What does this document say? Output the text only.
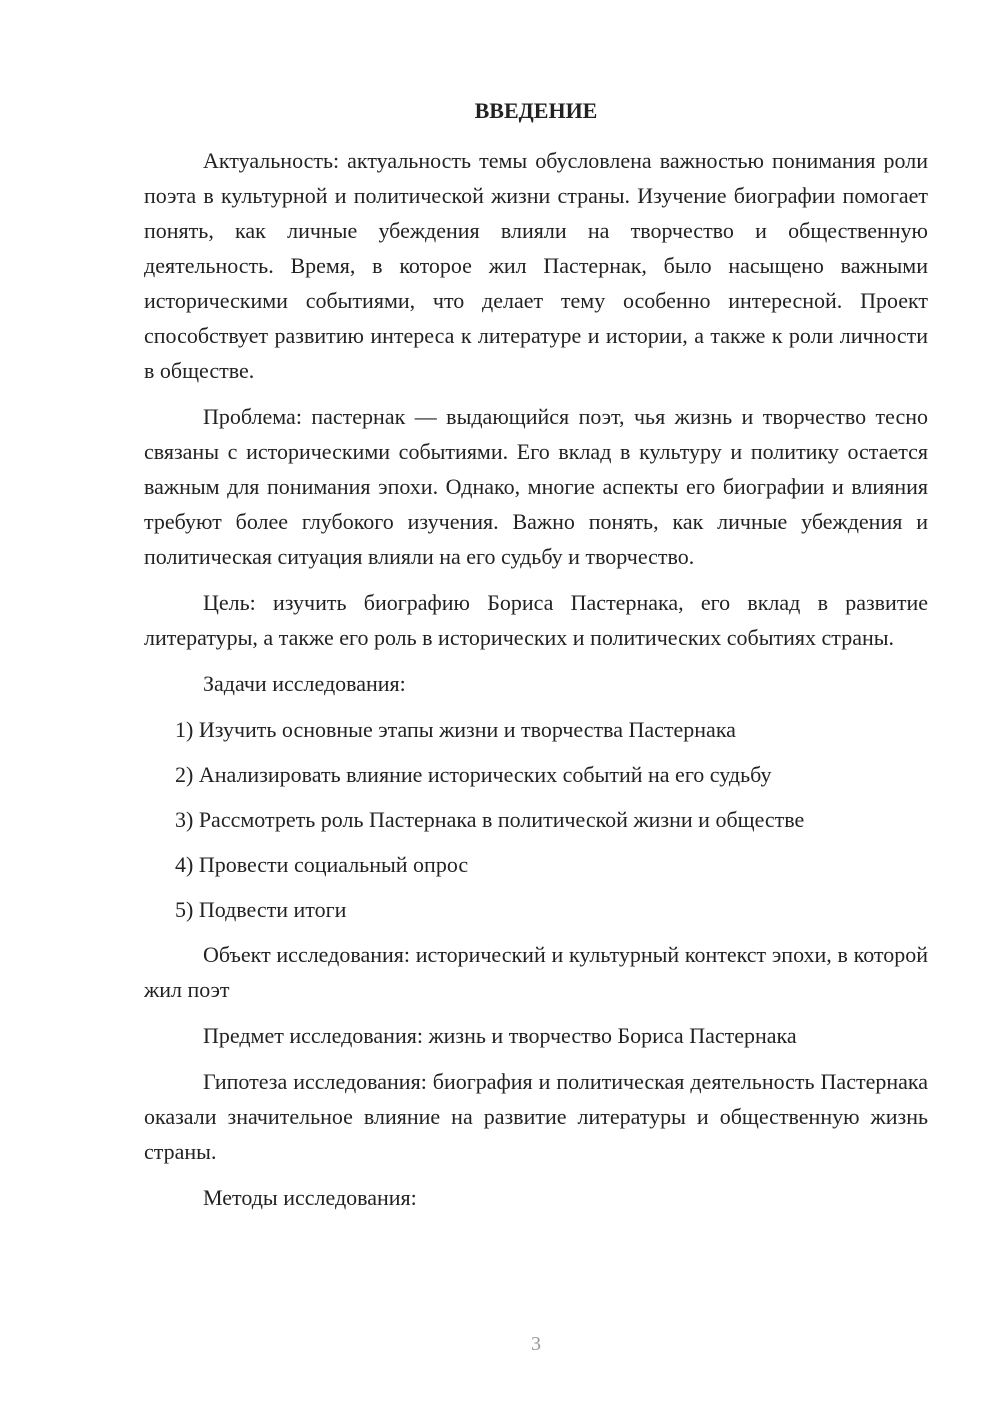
ВВЕДЕНИЕ

Актуальность: актуальность темы обусловлена важностью понимания роли поэта в культурной и политической жизни страны. Изучение биографии помогает понять, как личные убеждения влияли на творчество и общественную деятельность. Время, в которое жил Пастернак, было насыщено важными историческими событиями, что делает тему особенно интересной. Проект способствует развитию интереса к литературе и истории, а также к роли личности в обществе.

Проблема: пастернак — выдающийся поэт, чья жизнь и творчество тесно связаны с историческими событиями. Его вклад в культуру и политику остается важным для понимания эпохи. Однако, многие аспекты его биографии и влияния требуют более глубокого изучения. Важно понять, как личные убеждения и политическая ситуация влияли на его судьбу и творчество.

Цель: изучить биографию Бориса Пастернака, его вклад в развитие литературы, а также его роль в исторических и политических событиях страны.

Задачи исследования:

1) Изучить основные этапы жизни и творчества Пастернака
2) Анализировать влияние исторических событий на его судьбу
3) Рассмотреть роль Пастернака в политической жизни и обществе
4) Провести социальный опрос
5) Подвести итоги

Объект исследования: исторический и культурный контекст эпохи, в которой жил поэт

Предмет исследования: жизнь и творчество Бориса Пастернака

Гипотеза исследования: биография и политическая деятельность Пастернака оказали значительное влияние на развитие литературы и общественную жизнь страны.

Методы исследования:

3
